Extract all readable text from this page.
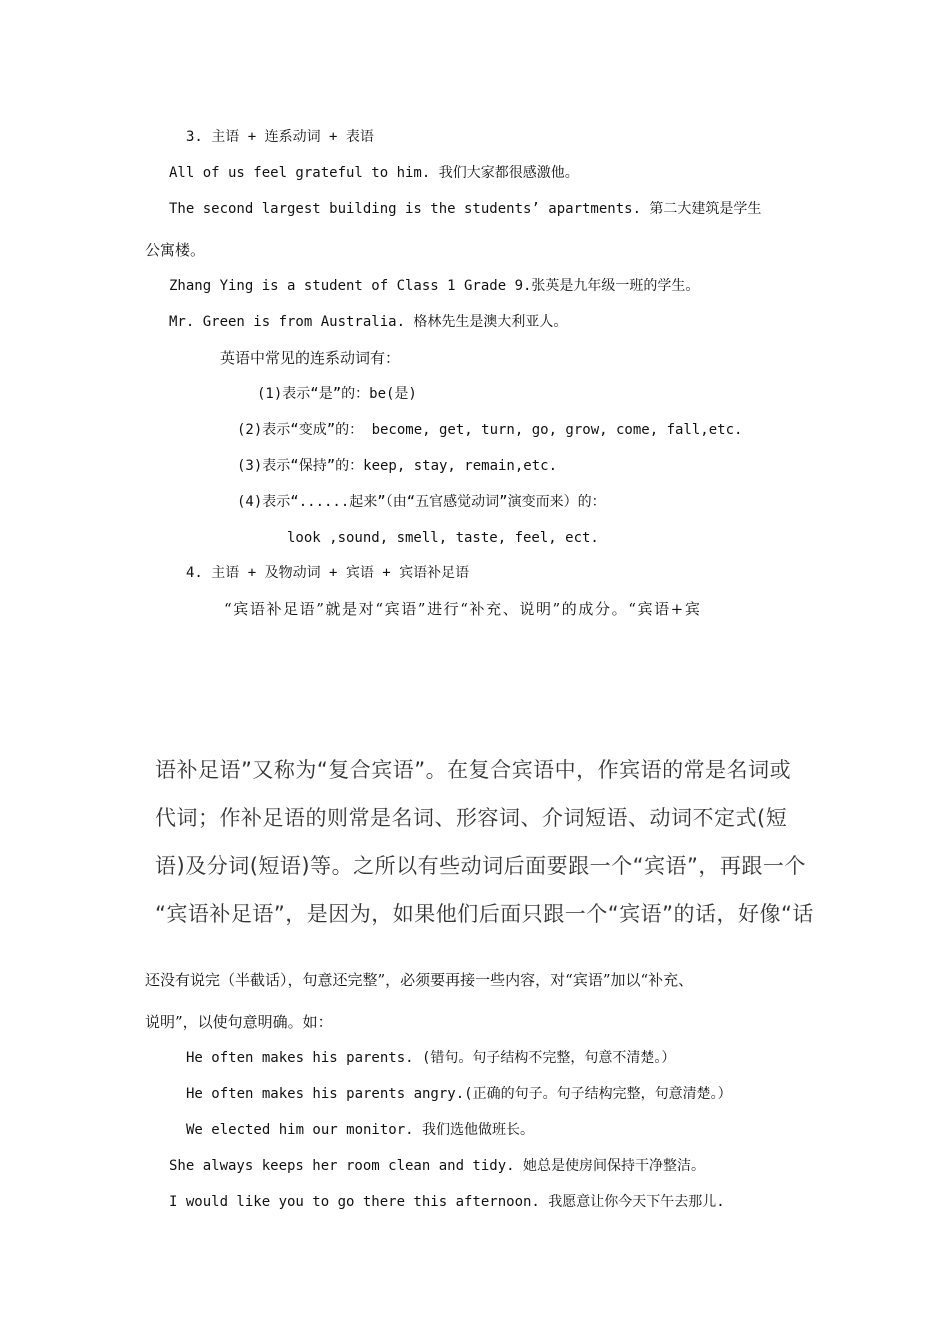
3. 主语 + 连系动词 + 表语
All of us feel grateful to him. 我们大家都很感激他。
The second largest building is the students’ apartments. 第二大建筑是学生
公寓楼。
Zhang Ying is a student of Class 1 Grade 9.张英是九年级一班的学生。
Mr. Green is from Australia. 格林先生是澳大利亚人。
英语中常见的连系动词有：
(1)表示“是”的：be(是)
(2)表示“变成”的： become, get, turn, go, grow, come, fall,etc.
(3)表示“保持”的：keep, stay, remain,etc.
(4)表示“......起来”（由“五官感觉动词”演变而来）的：
look ,sound, smell, taste, feel, ect.
4. 主语 + 及物动词 + 宾语 + 宾语补足语
“宾语补足语”就是对“宾语”进行“补充、说明”的成分。“宾语+宾
语补足语”又称为“复合宾语”。在复合宾语中，作宾语的常是名词或
代词；作补足语的则常是名词、形容词、介词短语、动词不定式(短
语)及分词(短语)等。之所以有些动词后面要跟一个“宾语”，再跟一个
“宾语补足语”，是因为，如果他们后面只跟一个“宾语”的话，好像“话
还没有说完（半截话），句意还完整”，必须要再接一些内容，对“宾语”加以“补充、
说明”，以使句意明确。如：
He often makes his parents. (错句。句子结构不完整，句意不清楚。）
He often makes his parents angry.(正确的句子。句子结构完整，句意清楚。）
We elected him our monitor. 我们选他做班长。
She always keeps her room clean and tidy. 她总是使房间保持干净整洁。
I would like you to go there this afternoon. 我愿意让你今天下午去那儿.
